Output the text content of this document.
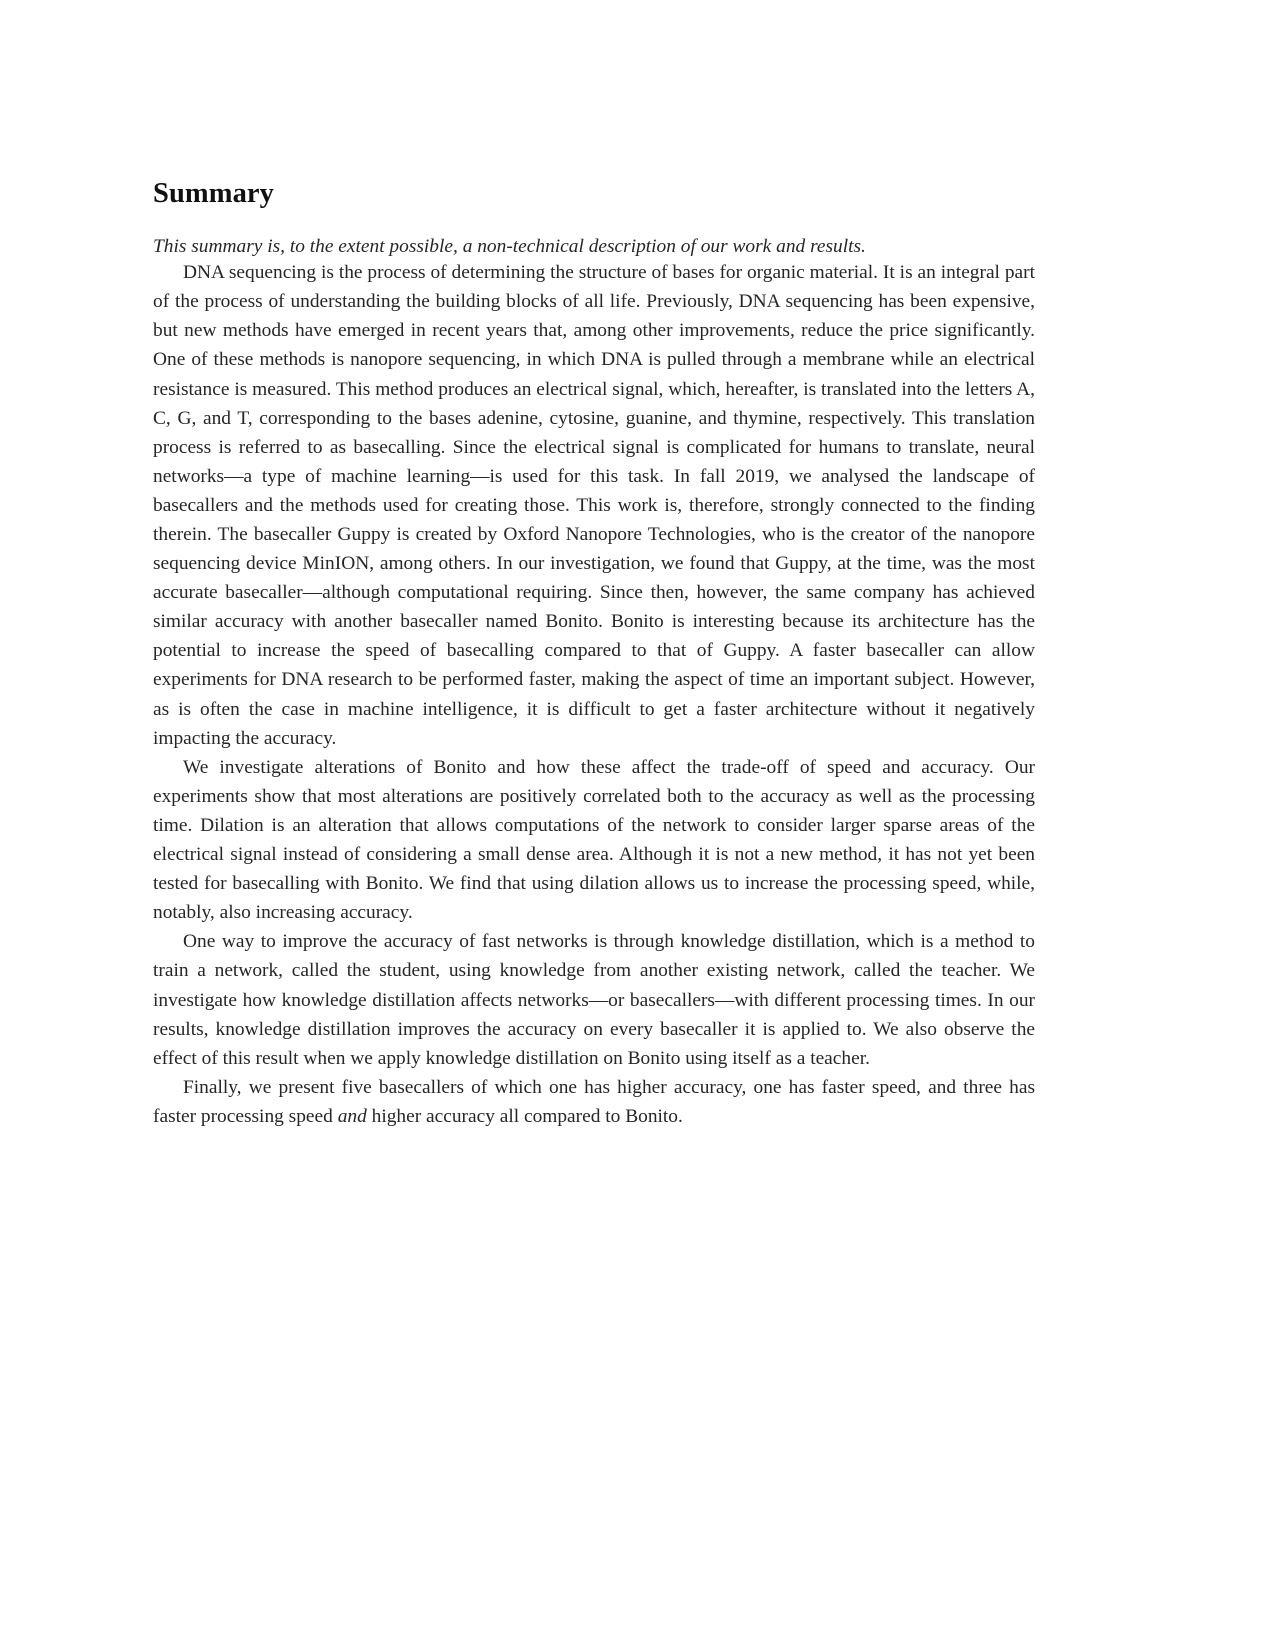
Summary

This summary is, to the extent possible, a non-technical description of our work and results.

DNA sequencing is the process of determining the structure of bases for organic material. It is an integral part of the process of understanding the building blocks of all life. Previously, DNA sequencing has been expensive, but new methods have emerged in recent years that, among other improvements, reduce the price significantly. One of these methods is nanopore sequencing, in which DNA is pulled through a membrane while an electrical resistance is measured. This method produces an electrical signal, which, hereafter, is translated into the letters A, C, G, and T, corresponding to the bases adenine, cytosine, guanine, and thymine, respectively. This translation process is referred to as basecalling. Since the electrical signal is complicated for humans to translate, neural networks—a type of machine learning—is used for this task. In fall 2019, we analysed the landscape of basecallers and the methods used for creating those. This work is, therefore, strongly connected to the finding therein. The basecaller Guppy is created by Oxford Nanopore Technologies, who is the creator of the nanopore sequencing device MinION, among others. In our investigation, we found that Guppy, at the time, was the most accurate basecaller—although computational requiring. Since then, however, the same company has achieved similar accuracy with another basecaller named Bonito. Bonito is interesting because its architecture has the potential to increase the speed of basecalling compared to that of Guppy. A faster basecaller can allow experiments for DNA research to be performed faster, making the aspect of time an important subject. However, as is often the case in machine intelligence, it is difficult to get a faster architecture without it negatively impacting the accuracy.

We investigate alterations of Bonito and how these affect the trade-off of speed and accuracy. Our experiments show that most alterations are positively correlated both to the accuracy as well as the processing time. Dilation is an alteration that allows computations of the network to consider larger sparse areas of the electrical signal instead of considering a small dense area. Although it is not a new method, it has not yet been tested for basecalling with Bonito. We find that using dilation allows us to increase the processing speed, while, notably, also increasing accuracy.

One way to improve the accuracy of fast networks is through knowledge distillation, which is a method to train a network, called the student, using knowledge from another existing network, called the teacher. We investigate how knowledge distillation affects networks—or basecallers—with different processing times. In our results, knowledge distillation improves the accuracy on every basecaller it is applied to. We also observe the effect of this result when we apply knowledge distillation on Bonito using itself as a teacher.

Finally, we present five basecallers of which one has higher accuracy, one has faster speed, and three has faster processing speed and higher accuracy all compared to Bonito.
